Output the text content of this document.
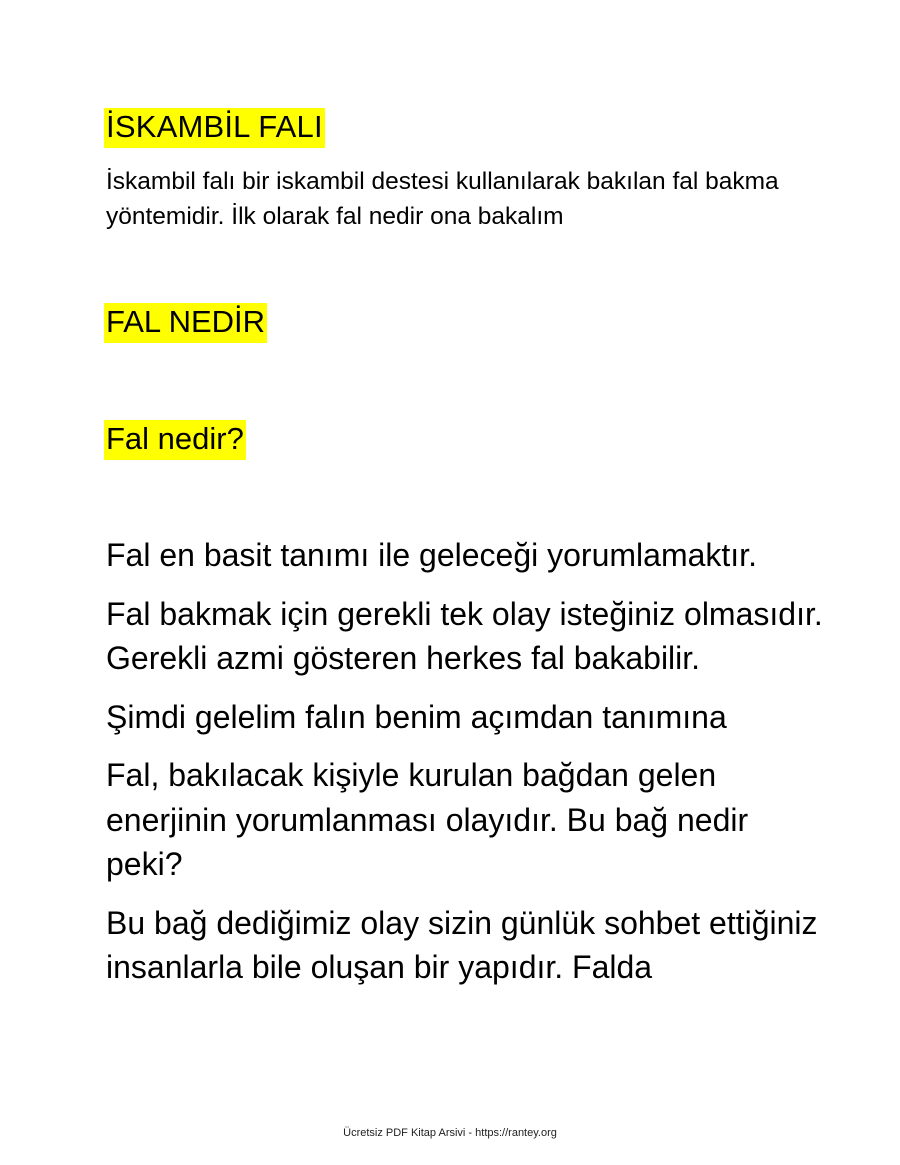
İSKAMBİL FALI

İskambil falı bir iskambil destesi kullanılarak bakılan fal bakma yöntemidir. İlk olarak fal nedir ona bakalım

FAL NEDİR
Fal nedir?

Fal en basit tanımı ile geleceği yorumlamaktır.

Fal bakmak için gerekli tek olay isteğiniz olmasıdır. Gerekli azmi gösteren herkes fal bakabilir.

Şimdi gelelim falın benim açımdan tanımına

Fal, bakılacak kişiyle kurulan bağdan gelen enerjinin yorumlanması olayıdır. Bu bağ nedir peki?

Bu bağ dediğimiz olay sizin günlük sohbet ettiğiniz insanlarla bile oluşan bir yapıdır. Falda

Ücretsiz PDF Kitap Arsivi - https://rantey.org
